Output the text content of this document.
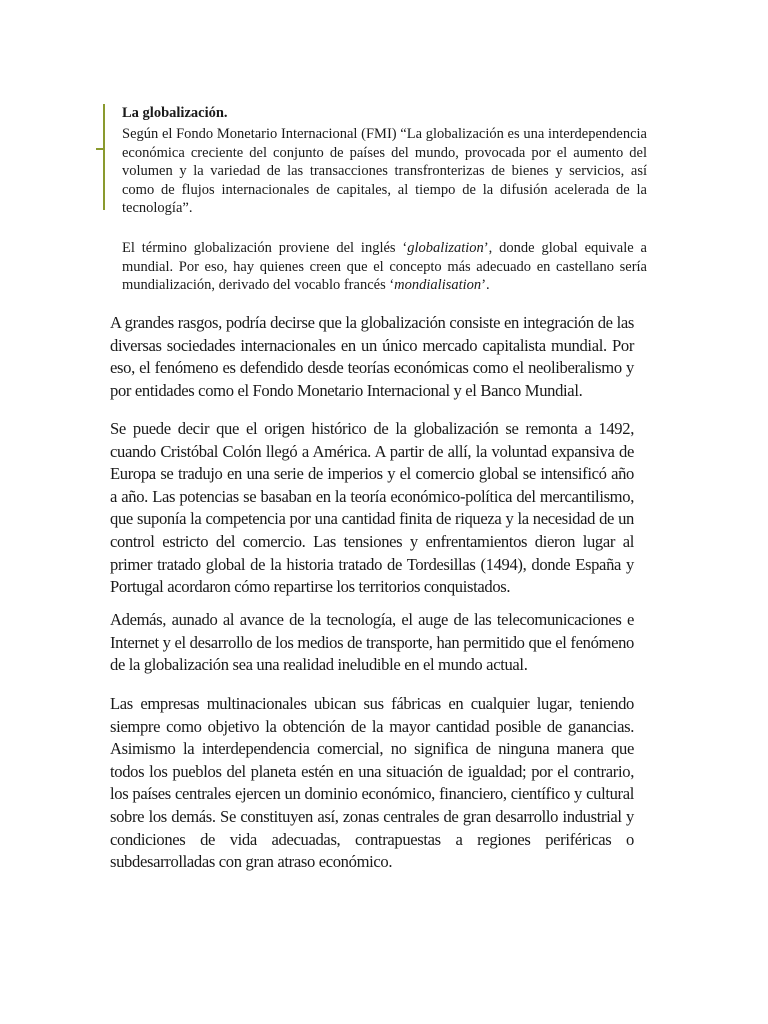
La globalización.
Según el Fondo Monetario Internacional (FMI) “La globalización es una interdependencia económica creciente del conjunto de países del mundo, provocada por el aumento del volumen y la variedad de las transacciones transfronterizas de bienes y servicios, así como de flujos internacionales de capitales, al tiempo de la difusión acelerada de la tecnología”.
El término globalización proviene del inglés ‘globalization’, donde global equivale a mundial. Por eso, hay quienes creen que el concepto más adecuado en castellano sería mundialización, derivado del vocablo francés ‘mondialisation’.
A grandes rasgos, podría decirse que la globalización consiste en integración de las diversas sociedades internacionales en un único mercado capitalista mundial. Por eso, el fenómeno es defendido desde teorías económicas como el neoliberalismo y por entidades como el Fondo Monetario Internacional y el Banco Mundial.
Se puede decir que el origen histórico de la globalización se remonta a 1492, cuando Cristóbal Colón llegó a América. A partir de allí, la voluntad expansiva de Europa se tradujo en una serie de imperios y el comercio global se intensificó año a año. Las potencias se basaban en la teoría económico-política del mercantilismo, que suponía la competencia por una cantidad finita de riqueza y la necesidad de un control estricto del comercio. Las tensiones y enfrentamientos dieron lugar al primer tratado global de la historia tratado de Tordesillas (1494), donde España y Portugal acordaron cómo repartirse los territorios conquistados.
Además, aunado al avance de la tecnología, el auge de las telecomunicaciones e Internet y el desarrollo de los medios de transporte, han permitido que el fenómeno de la globalización sea una realidad ineludible en el mundo actual.
Las empresas multinacionales ubican sus fábricas en cualquier lugar, teniendo siempre como objetivo la obtención de la mayor cantidad posible de ganancias. Asimismo la interdependencia comercial, no significa de ninguna manera que todos los pueblos del planeta estén en una situación de igualdad; por el contrario, los países centrales ejercen un dominio económico, financiero, científico y cultural sobre los demás. Se constituyen así, zonas centrales de gran desarrollo industrial y condiciones de vida adecuadas, contrapuestas a regiones periféricas o subdesarrolladas con gran atraso económico.
